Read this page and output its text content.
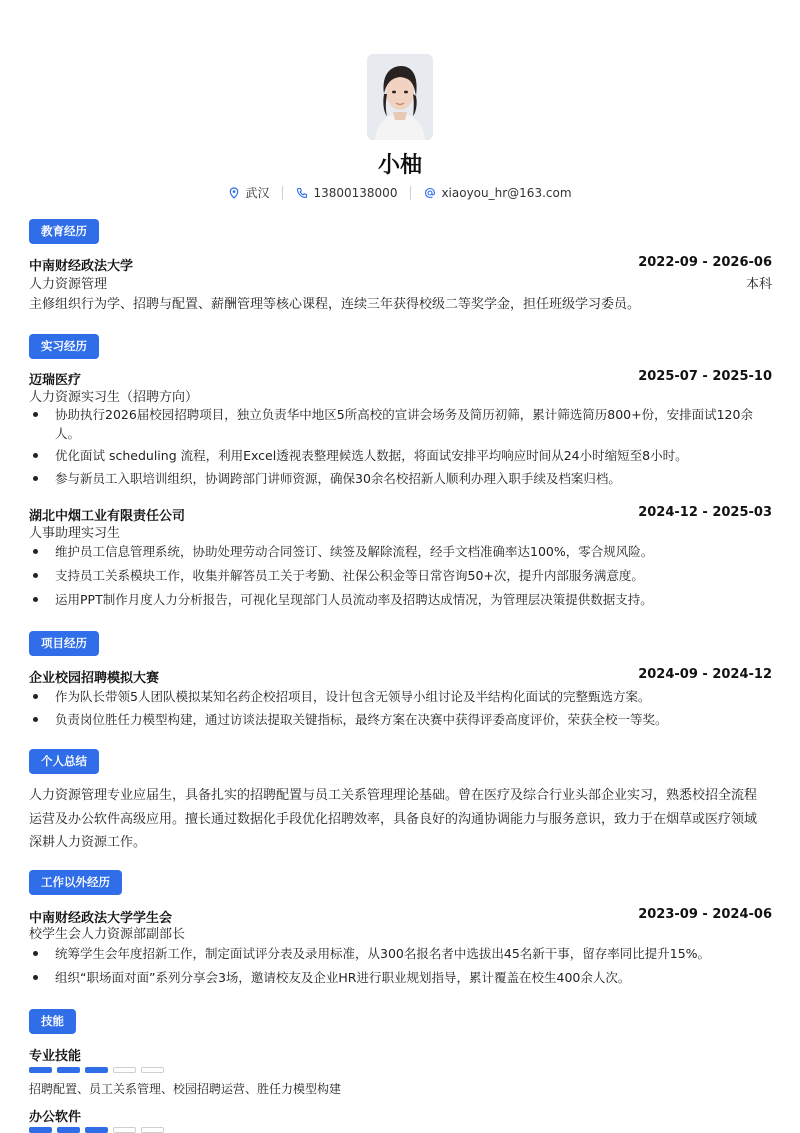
小柚
武汉	13800138000	xiaoyou_hr@163.com
教育经历
中南财经政法大学	2022-09 - 2026-06
人力资源管理	本科
主修组织行为学、招聘与配置、薪酬管理等核心课程，连续三年获得校级二等奖学金，担任班级学习委员。
实习经历
迈瑞医疗	2025-07 - 2025-10
人力资源实习生（招聘方向）
协助执行2026届校园招聘项目，独立负责华中地区5所高校的宣讲会场务及简历初筛，累计筛选简历800+份，安排面试120余
人。
优化面试 scheduling 流程，利用Excel透视表整理候选人数据，将面试安排平均响应时间从24小时缩短至8小时。
参与新员工入职培训组织，协调跨部门讲师资源，确保30余名校招新人顺利办理入职手续及档案归档。
湖北中烟工业有限责任公司	2024-12 - 2025-03
人事助理实习生
维护员工信息管理系统，协助处理劳动合同签订、续签及解除流程，经手文档准确率达100%，零合规风险。
支持员工关系模块工作，收集并解答员工关于考勤、社保公积金等日常咨询50+次，提升内部服务满意度。
运用PPT制作月度人力分析报告，可视化呈现部门人员流动率及招聘达成情况，为管理层决策提供数据支持。
项目经历
企业校园招聘模拟大赛	2024-09 - 2024-12
作为队长带领5人团队模拟某知名药企校招项目，设计包含无领导小组讨论及半结构化面试的完整甄选方案。
负责岗位胜任力模型构建，通过访谈法提取关键指标，最终方案在决赛中获得评委高度评价，荣获全校一等奖。
个人总结
人力资源管理专业应届生，具备扎实的招聘配置与员工关系管理理论基础。曾在医疗及综合行业头部企业实习，熟悉校招全流程
运营及办公软件高级应用。擅长通过数据化手段优化招聘效率，具备良好的沟通协调能力与服务意识，致力于在烟草或医疗领域
深耕人力资源工作。
工作以外经历
中南财经政法大学学生会	2023-09 - 2024-06
校学生会人力资源部副部长
统筹学生会年度招新工作，制定面试评分表及录用标准，从300名报名者中选拔出45名新干事，留存率同比提升15%。
组织“职场面对面”系列分享会3场，邀请校友及企业HR进行职业规划指导，累计覆盖在校生400余人次。
技能
专业技能
招聘配置、员工关系管理、校园招聘运营、胜任力模型构建
办公软件
